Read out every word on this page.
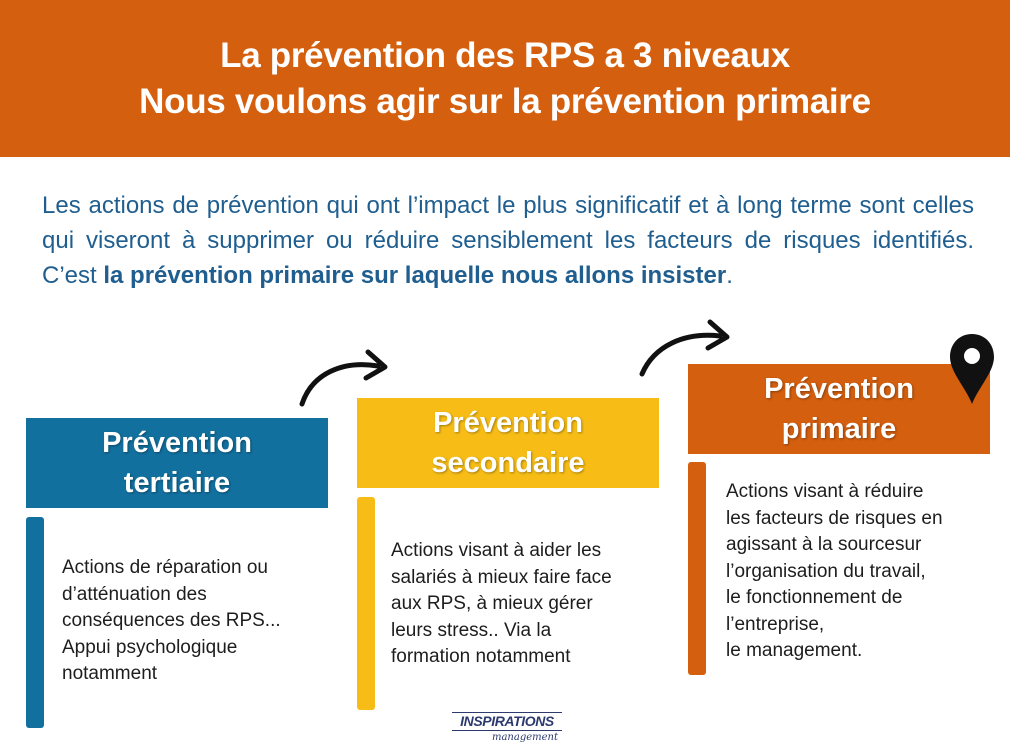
La prévention des RPS a 3 niveaux
Nous voulons agir sur la prévention primaire
Les actions de prévention qui ont l’impact le plus significatif et à long terme sont celles qui viseront à supprimer ou réduire sensiblement les facteurs de risques identifiés. C’est la prévention primaire sur laquelle nous allons insister.
Prévention
tertiaire
Actions de réparation ou
d’atténuation des
conséquences des RPS...
Appui psychologique
notamment
Prévention
secondaire
Actions visant à aider les
salariés à mieux faire face
aux RPS, à mieux gérer
leurs stress.. Via la
formation notamment
Prévention
primaire
Actions visant à réduire
les facteurs de risques en
agissant à la sourcesur
l’organisation du travail,
le fonctionnement de
l’entreprise,
le management.
INSPIRATIONS
management
